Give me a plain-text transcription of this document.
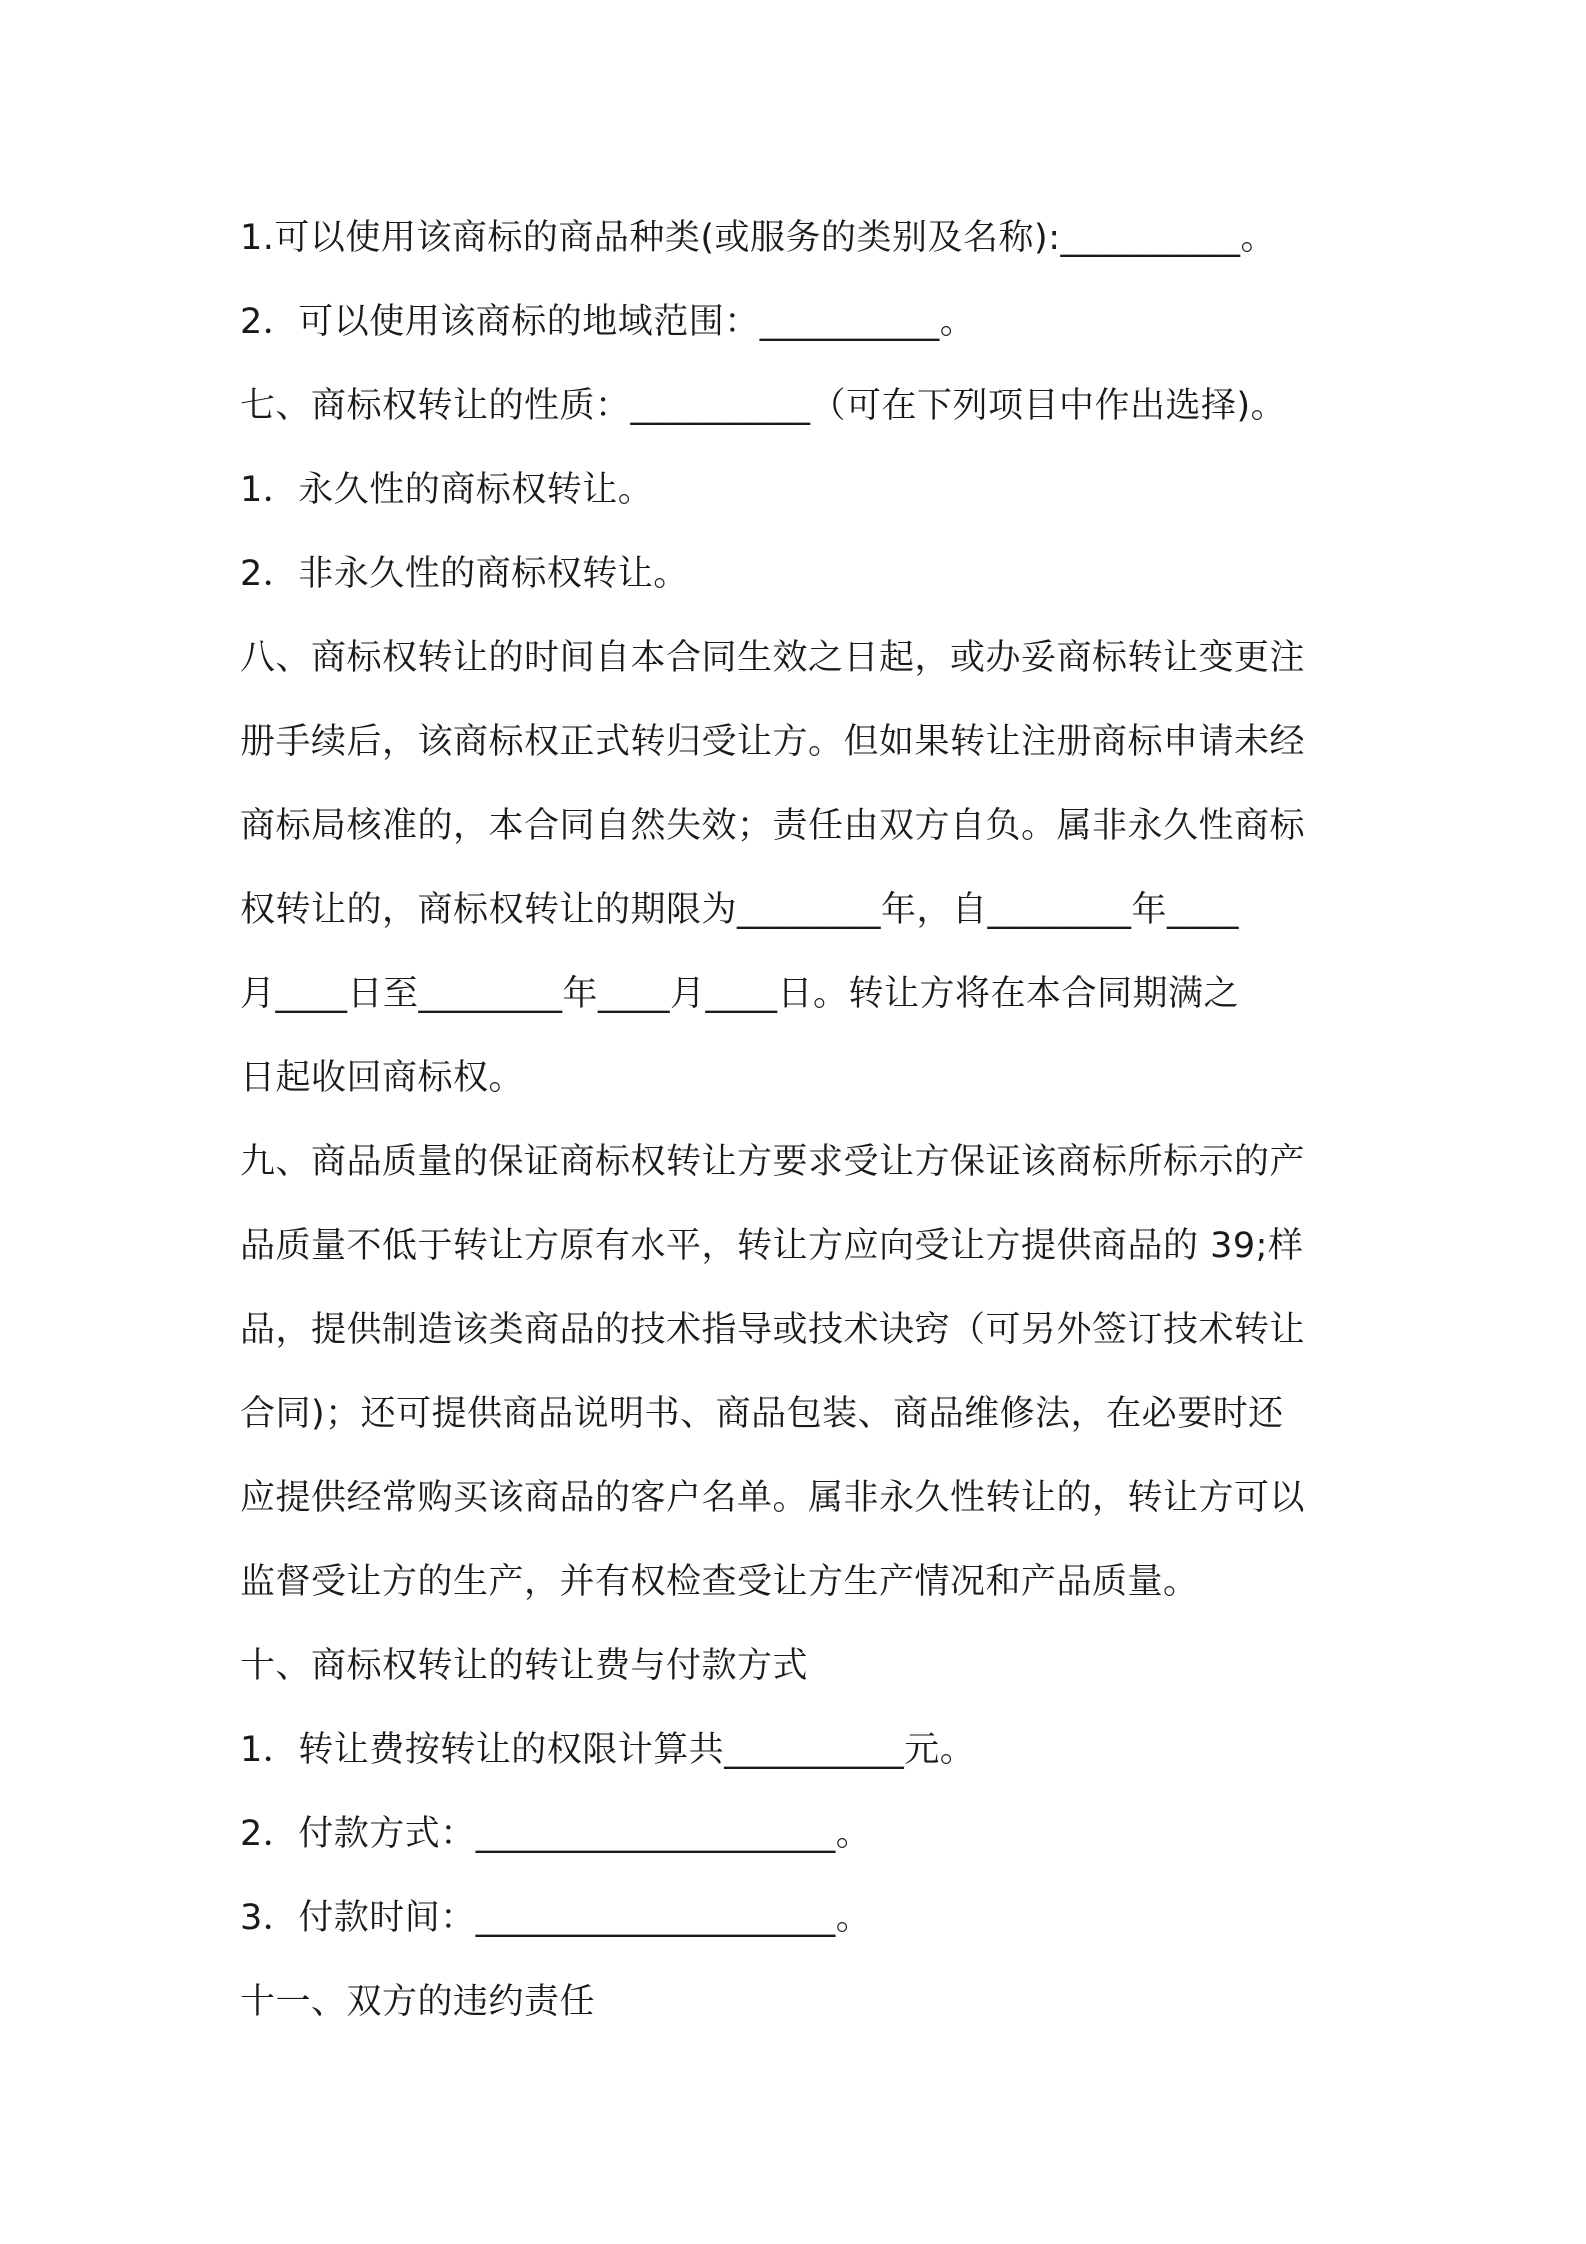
1.可以使用该商标的商品种类(或服务的类别及名称):__________。
2．可以使用该商标的地域范围：__________。
七、商标权转让的性质：__________（可在下列项目中作出选择)。
1．永久性的商标权转让。
2．非永久性的商标权转让。
八、商标权转让的时间自本合同生效之日起，或办妥商标转让变更注
册手续后，该商标权正式转归受让方。但如果转让注册商标申请未经
商标局核准的，本合同自然失效；责任由双方自负。属非永久性商标
权转让的，商标权转让的期限为________年，自________年____
月____日至________年____月____日。转让方将在本合同期满之
日起收回商标权。
九、商品质量的保证商标权转让方要求受让方保证该商标所标示的产
品质量不低于转让方原有水平，转让方应向受让方提供商品的 39;样
品，提供制造该类商品的技术指导或技术诀窍（可另外签订技术转让
合同)；还可提供商品说明书、商品包装、商品维修法，在必要时还
应提供经常购买该商品的客户名单。属非永久性转让的，转让方可以
监督受让方的生产，并有权检查受让方生产情况和产品质量。
十、商标权转让的转让费与付款方式
1．转让费按转让的权限计算共__________元。
2．付款方式：____________________。
3．付款时间：____________________。
十一、双方的违约责任
